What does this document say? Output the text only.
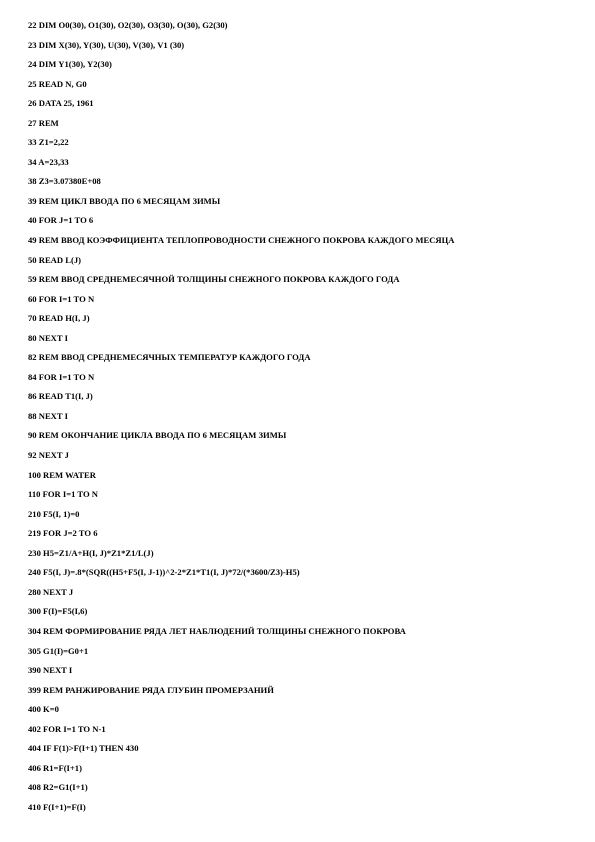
22 DIM O0(30), O1(30), O2(30), O3(30), O(30), G2(30)
23 DIM X(30), Y(30), U(30), V(30), V1 (30)
24 DIM Y1(30), Y2(30)
25 READ N, G0
26 DATA 25, 1961
27 REM
33 Z1=2,22
34 A=23,33
38 Z3=3.07380E+08
39 REM ЦИКЛ ВВОДА ПО 6 МЕСЯЦАМ ЗИМЫ
40 FOR J=1 TO 6
49 REM ВВОД КОЭФФИЦИЕНТА ТЕПЛОПРОВОДНОСТИ СНЕЖНОГО ПОКРОВА КАЖДОГО МЕСЯЦА
50 READ L(J)
59 REM ВВОД СРЕДНЕМЕСЯЧНОЙ ТОЛЩИНЫ СНЕЖНОГО ПОКРОВА КАЖДОГО ГОДА
60 FOR I=1 TO N
70 READ H(I, J)
80 NEXT I
82 REM ВВОД СРЕДНЕМЕСЯЧНЫХ ТЕМПЕРАТУР КАЖДОГО ГОДА
84 FOR I=1 TO N
86 READ T1(I, J)
88 NEXT I
90 REM ОКОНЧАНИЕ ЦИКЛА ВВОДА ПО 6 МЕСЯЦАМ ЗИМЫ
92 NEXT J
100 REM WATER
110 FOR I=1 TO N
210 F5(I, 1)=0
219 FOR J=2 TO 6
230 H5=Z1/A+H(I, J)*Z1*Z1/L(J)
240 F5(I, J)=.8*(SQR((H5+F5(I, J-1))^2-2*Z1*T1(I, J)*72/(*3600/Z3)-H5)
280 NEXT J
300 F(I)=F5(I,6)
304 REM ФОРМИРОВАНИЕ РЯДА ЛЕТ НАБЛЮДЕНИЙ ТОЛЩИНЫ СНЕЖНОГО ПОКРОВА
305 G1(I)=G0+1
390 NEXT I
399 REM РАНЖИРОВАНИЕ РЯДА ГЛУБИН ПРОМЕРЗАНИЙ
400 K=0
402 FOR I=1 TO N-1
404 IF F(1)>F(I+1) THEN 430
406 R1=F(I+1)
408 R2=G1(I+1)
410 F(I+1)=F(I)
